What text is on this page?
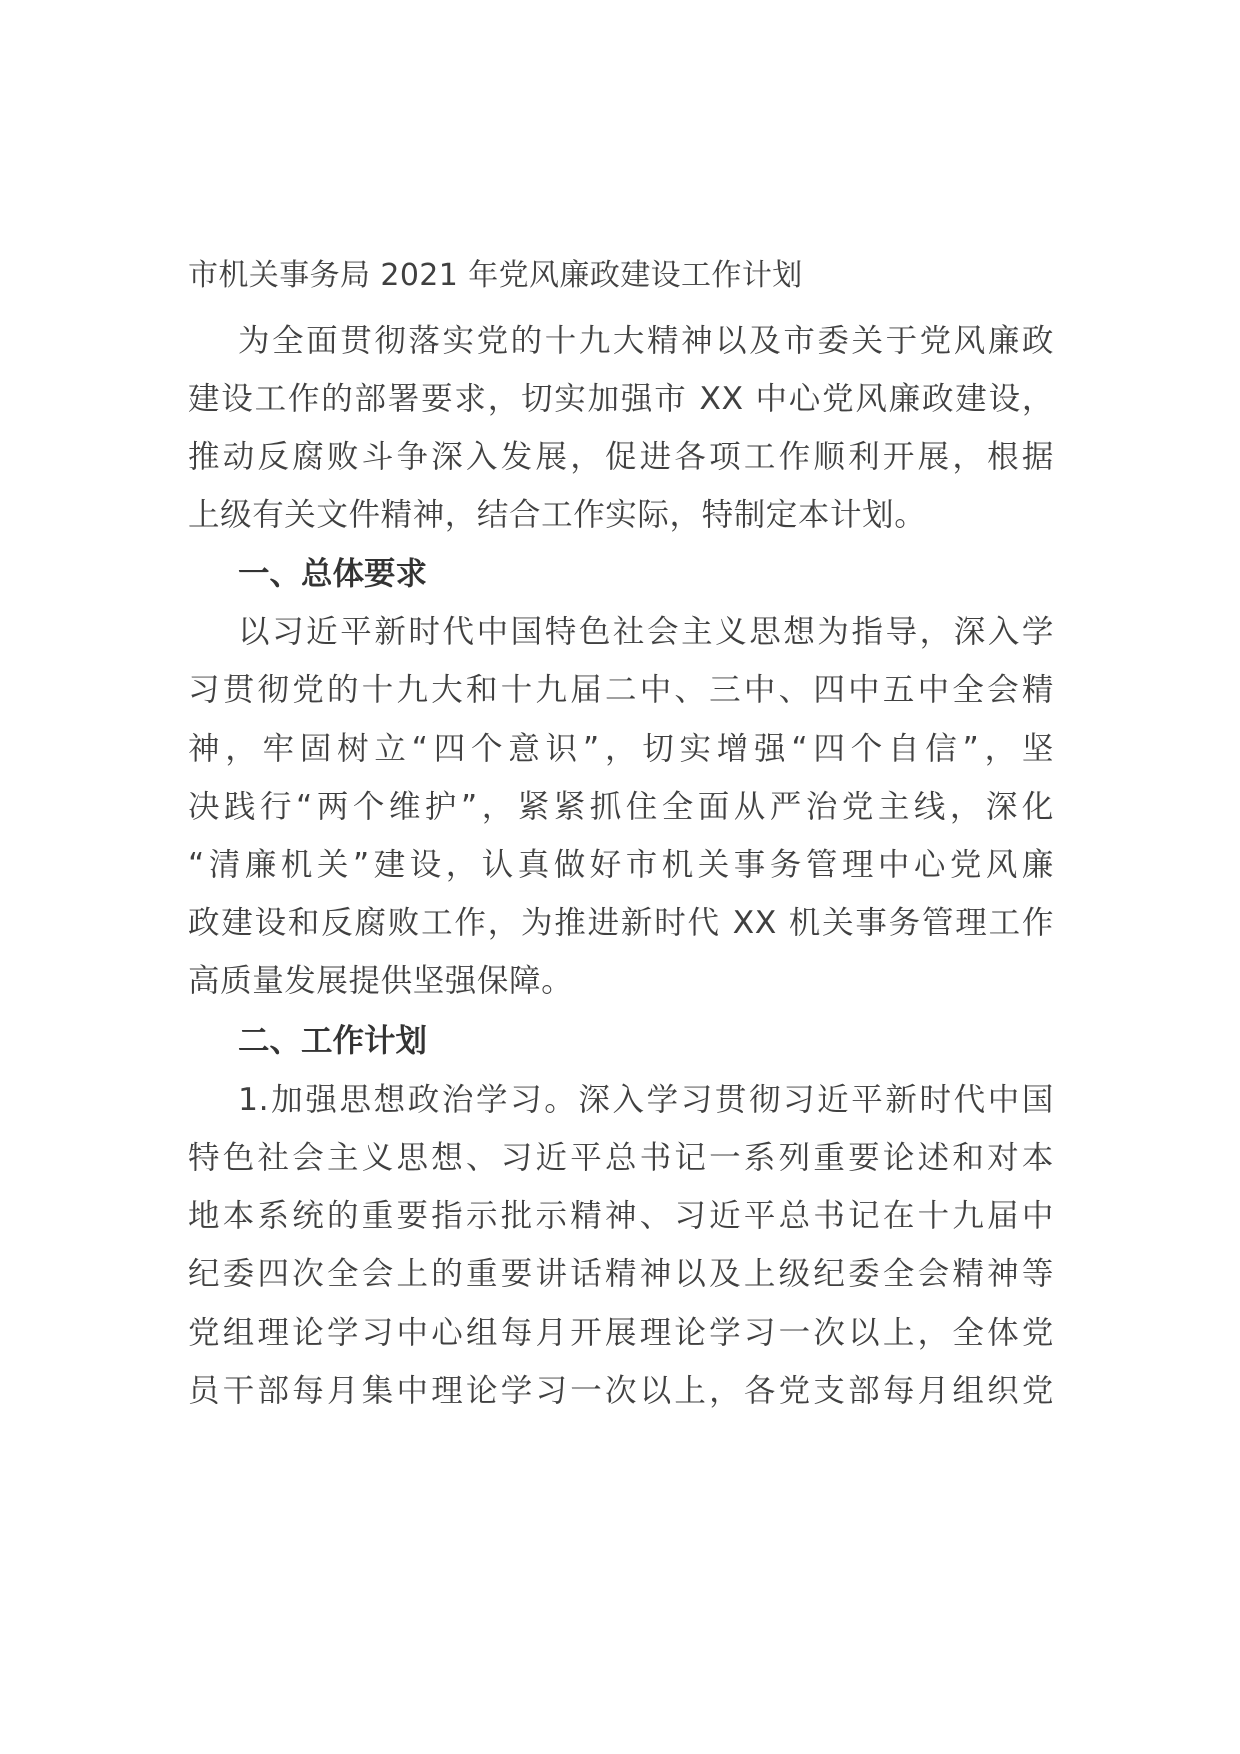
市机关事务局 2021 年党风廉政建设工作计划
为全面贯彻落实党的十九大精神以及市委关于党风廉政
建设工作的部署要求，切实加强市 XX 中心党风廉政建设，
推动反腐败斗争深入发展，促进各项工作顺利开展，根据
上级有关文件精神，结合工作实际，特制定本计划。
一、总体要求
以习近平新时代中国特色社会主义思想为指导，深入学
习贯彻党的十九大和十九届二中、三中、四中五中全会精
神，牢固树立“四个意识”，切实增强“四个自信”，坚
决践行“两个维护”，紧紧抓住全面从严治党主线，深化
“清廉机关”建设，认真做好市机关事务管理中心党风廉
政建设和反腐败工作，为推进新时代 XX 机关事务管理工作
高质量发展提供坚强保障。
二、工作计划
1.加强思想政治学习。深入学习贯彻习近平新时代中国
特色社会主义思想、习近平总书记一系列重要论述和对本
地本系统的重要指示批示精神、习近平总书记在十九届中
纪委四次全会上的重要讲话精神以及上级纪委全会精神等
党组理论学习中心组每月开展理论学习一次以上，全体党
员干部每月集中理论学习一次以上，各党支部每月组织党
